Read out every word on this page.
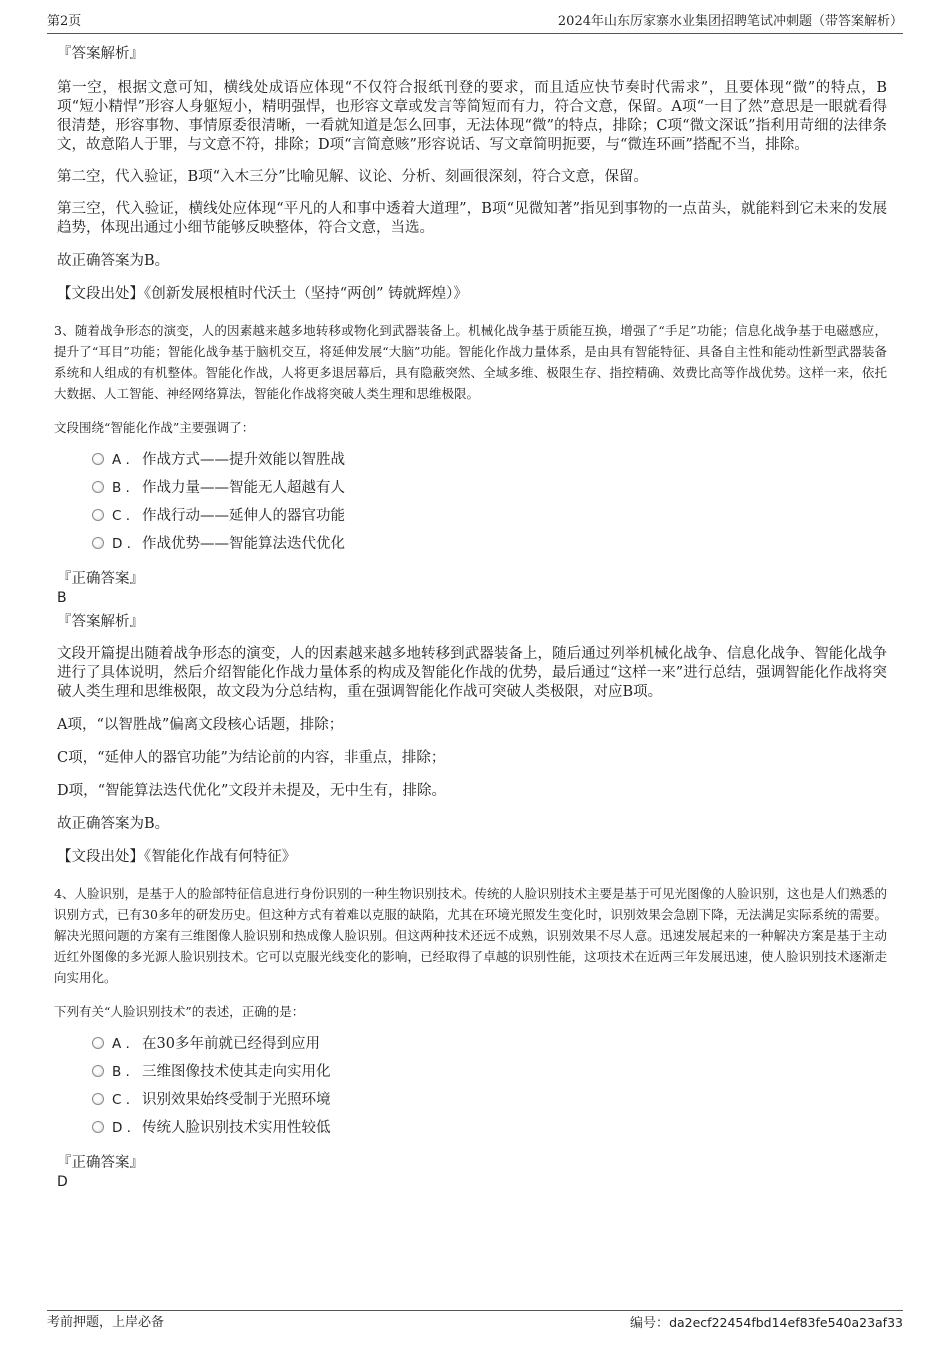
第2页	2024年山东厉家寨水业集团招聘笔试冲刺题（带答案解析）
『答案解析』

第一空，根据文意可知，横线处成语应体现“不仅符合报纸刊登的要求，而且适应快节奏时代需求”，且要体现“微”的特点，B项“短小精悍”形容人身躯短小，精明强悍，也形容文章或发言等简短而有力，符合文意，保留。A项“一目了然”意思是一眼就看得很清楚，形容事物、事情原委很清晰，一看就知道是怎么回事，无法体现“微”的特点，排除；C项“微文深诋”指利用苛细的法律条文，故意陷人于罪，与文意不符，排除；D项“言简意赅”形容说话、写文章简明扼要，与“微连环画”搭配不当，排除。

第二空，代入验证，B项“入木三分”比喻见解、议论、分析、刻画很深刻，符合文意，保留。

第三空，代入验证，横线处应体现“平凡的人和事中透着大道理”，B项“见微知著”指见到事物的一点苗头，就能料到它未来的发展趋势，体现出通过小细节能够反映整体，符合文意，当选。

故正确答案为B。
【文段出处】《创新发展根植时代沃土（坚持“两创” 铸就辉煌）》

3、随着战争形态的演变，人的因素越来越多地转移或物化到武器装备上。机械化战争基于质能互换，增强了“手足”功能；信息化战争基于电磁感应，提升了“耳目”功能；智能化战争基于脑机交互，将延伸发展“大脑”功能。智能化作战力量体系，是由具有智能特征、具备自主性和能动性新型武器装备系统和人组成的有机整体。智能化作战，人将更多退居幕后，具有隐蔽突然、全域多维、极限生存、指控精确、效费比高等作战优势。这样一来，依托大数据、人工智能、神经网络算法，智能化作战将突破人类生理和思维极限。

文段围绕“智能化作战”主要强调了：

A . 作战方式——提升效能以智胜战
B . 作战力量——智能无人超越有人
C . 作战行动——延伸人的器官功能
D . 作战优势——智能算法迭代优化

『正确答案』

B

『答案解析』

文段开篇提出随着战争形态的演变，人的因素越来越多地转移到武器装备上，随后通过列举机械化战争、信息化战争、智能化战争进行了具体说明，然后介绍智能化作战力量体系的构成及智能化作战的优势，最后通过“这样一来”进行总结，强调智能化作战将突破人类生理和思维极限，故文段为分总结构，重在强调智能化作战可突破人类极限，对应B项。

A项，“以智胜战”偏离文段核心话题，排除；
C项，“延伸人的器官功能”为结论前的内容，非重点，排除；
D项，“智能算法迭代优化”文段并未提及，无中生有，排除。
故正确答案为B。
【文段出处】《智能化作战有何特征》

4、人脸识别，是基于人的脸部特征信息进行身份识别的一种生物识别技术。传统的人脸识别技术主要是基于可见光图像的人脸识别，这也是人们熟悉的识别方式，已有30多年的研发历史。但这种方式有着难以克服的缺陷，尤其在环境光照发生变化时，识别效果会急剧下降，无法满足实际系统的需要。解决光照问题的方案有三维图像人脸识别和热成像人脸识别。但这两种技术还远不成熟，识别效果不尽人意。迅速发展起来的一种解决方案是基于主动近红外图像的多光源人脸识别技术。它可以克服光线变化的影响，已经取得了卓越的识别性能，这项技术在近两三年发展迅速，使人脸识别技术逐渐走向实用化。

下列有关“人脸识别技术”的表述，正确的是：

A . 在30多年前就已经得到应用
B . 三维图像技术使其走向实用化
C . 识别效果始终受制于光照环境
D . 传统人脸识别技术实用性较低

『正确答案』

D

考前押题，上岸必备	编号：da2ecf22454fbd14ef83fe540a23af33
